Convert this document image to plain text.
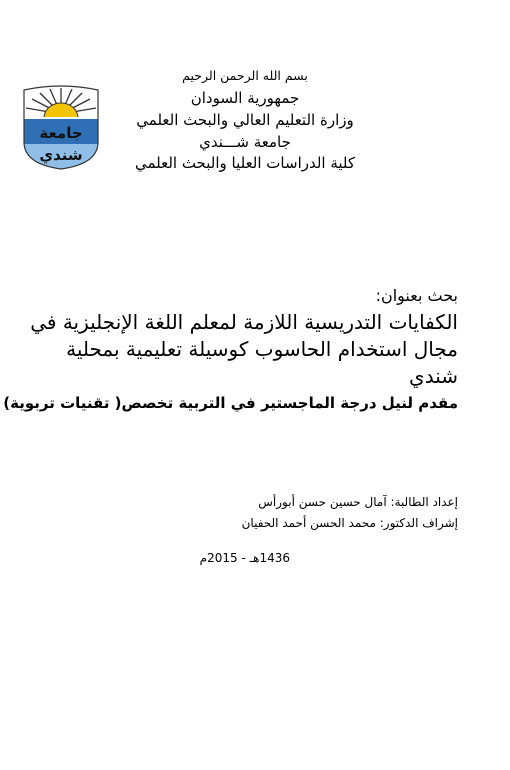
جامعة
شندي
بسم الله الرحمن الرحيم
جمهورية السودان
وزارة التعليم العالي والبحث العلمي
جامعة شـــندي
كلية الدراسات العليا والبحث العلمي
بحث بعنوان:
الكفايات التدريسية اللازمة لمعلم اللغة الإنجليزية في
مجال استخدام الحاسوب كوسيلة تعليمية بمحلية
شندي
مقدم لنيل درجة الماجستير في التربية تخصص( تقنيات تربوية)
إعداد الطالبة: آمال حسين حسن أبورأس
إشراف الدكتور: محمد الحسن أحمد الحفيان
1436هـ - 2015م
